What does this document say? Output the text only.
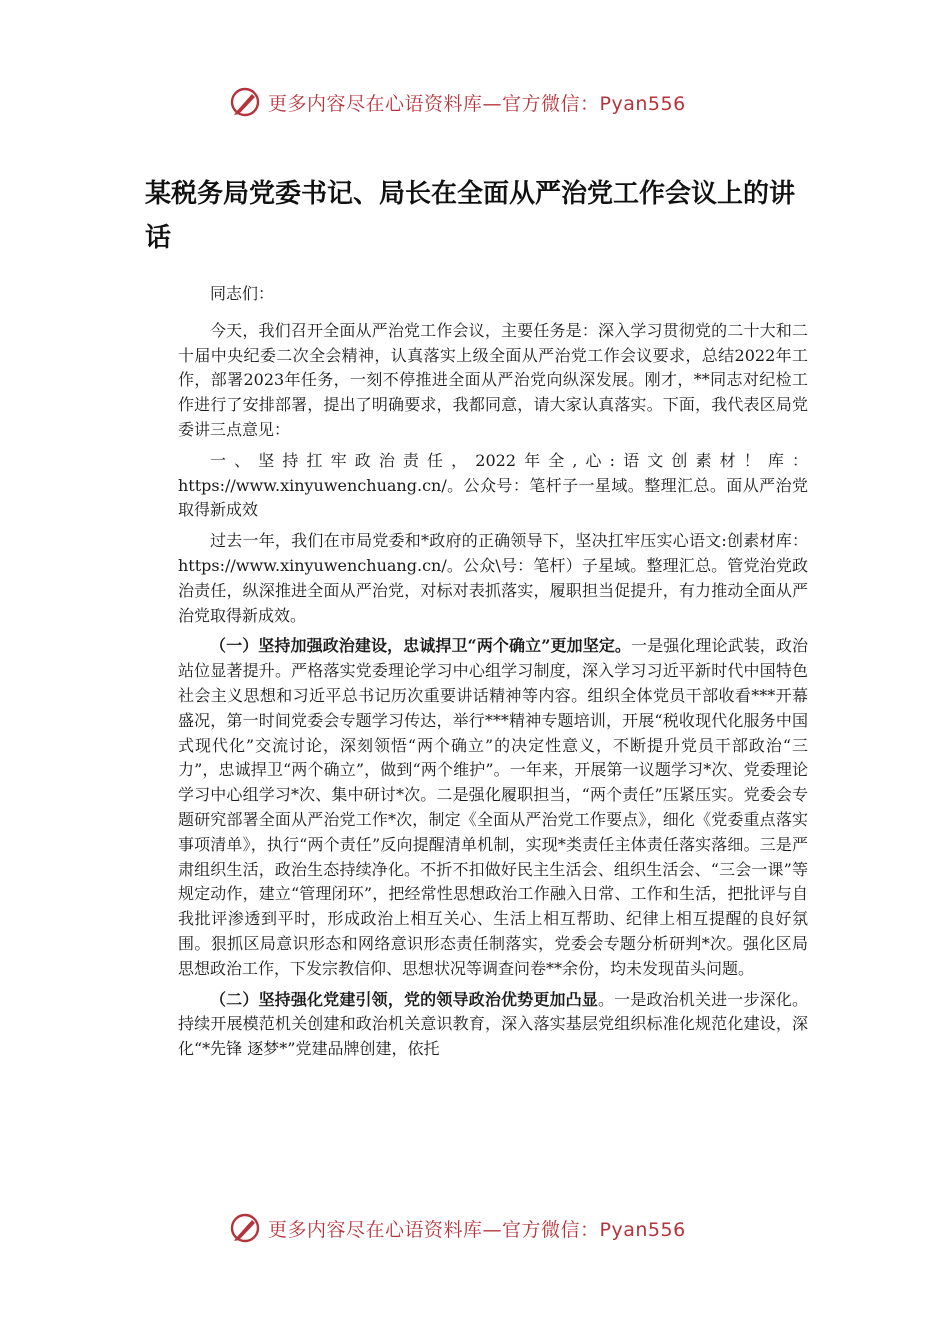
更多内容尽在心语资料库—官方微信：Pyan556
某税务局党委书记、局长在全面从严治党工作会议上的讲话

同志们：

今天，我们召开全面从严治党工作会议，主要任务是：深入学习贯彻党的二十大和二十届中央纪委二次全会精神，认真落实上级全面从严治党工作会议要求，总结2022年工作，部署2023年任务，一刻不停推进全面从严治党向纵深发展。刚才，**同志对纪检工作进行了安排部署，提出了明确要求，我都同意，请大家认真落实。下面，我代表区局党委讲三点意见：

一、坚持扛牢政治责任，2022年全,心:语文创素材！库：https://www.xinyuwenchuang.cn/。公众号：笔杆子一星域。整理汇总。面从严治党取得新成效

过去一年，我们在市局党委和*政府的正确领导下，坚决扛牢压实心语文:创素材库：https://www.xinyuwenchuang.cn/。公众\号：笔杆）子星域。整理汇总。管党治党政治责任，纵深推进全面从严治党，对标对表抓落实，履职担当促提升，有力推动全面从严治党取得新成效。

（一）坚持加强政治建设，忠诚捍卫“两个确立”更加坚定。一是强化理论武装，政治站位显著提升。严格落实党委理论学习中心组学习制度，深入学习习近平新时代中国特色社会主义思想和习近平总书记历次重要讲话精神等内容。组织全体党员干部收看***开幕盛况，第一时间党委会专题学习传达，举行***精神专题培训，开展“税收现代化服务中国式现代化”交流讨论，深刻领悟“两个确立”的决定性意义，不断提升党员干部政治“三力”，忠诚捍卫“两个确立”，做到“两个维护”。一年来，开展第一议题学习*次、党委理论学习中心组学习*次、集中研讨*次。二是强化履职担当，“两个责任”压紧压实。党委会专题研究部署全面从严治党工作*次，制定《全面从严治党工作要点》，细化《党委重点落实事项清单》，执行“两个责任”反向提醒清单机制，实现*类责任主体责任落实落细。三是严肃组织生活，政治生态持续净化。不折不扣做好民主生活会、组织生活会、“三会一课”等规定动作，建立“管理闭环”，把经常性思想政治工作融入日常、工作和生活，把批评与自我批评渗透到平时，形成政治上相互关心、生活上相互帮助、纪律上相互提醒的良好氛围。狠抓区局意识形态和网络意识形态责任制落实，党委会专题分析研判*次。强化区局思想政治工作，下发宗教信仰、思想状况等调查问卷**余份，均未发现苗头问题。

（二）坚持强化党建引领，党的领导政治优势更加凸显。一是政治机关进一步深化。持续开展模范机关创建和政治机关意识教育，深入落实基层党组织标准化规范化建设，深化“*先锋 逐梦*”党建品牌创建，依托

更多内容尽在心语资料库—官方微信：Pyan556
